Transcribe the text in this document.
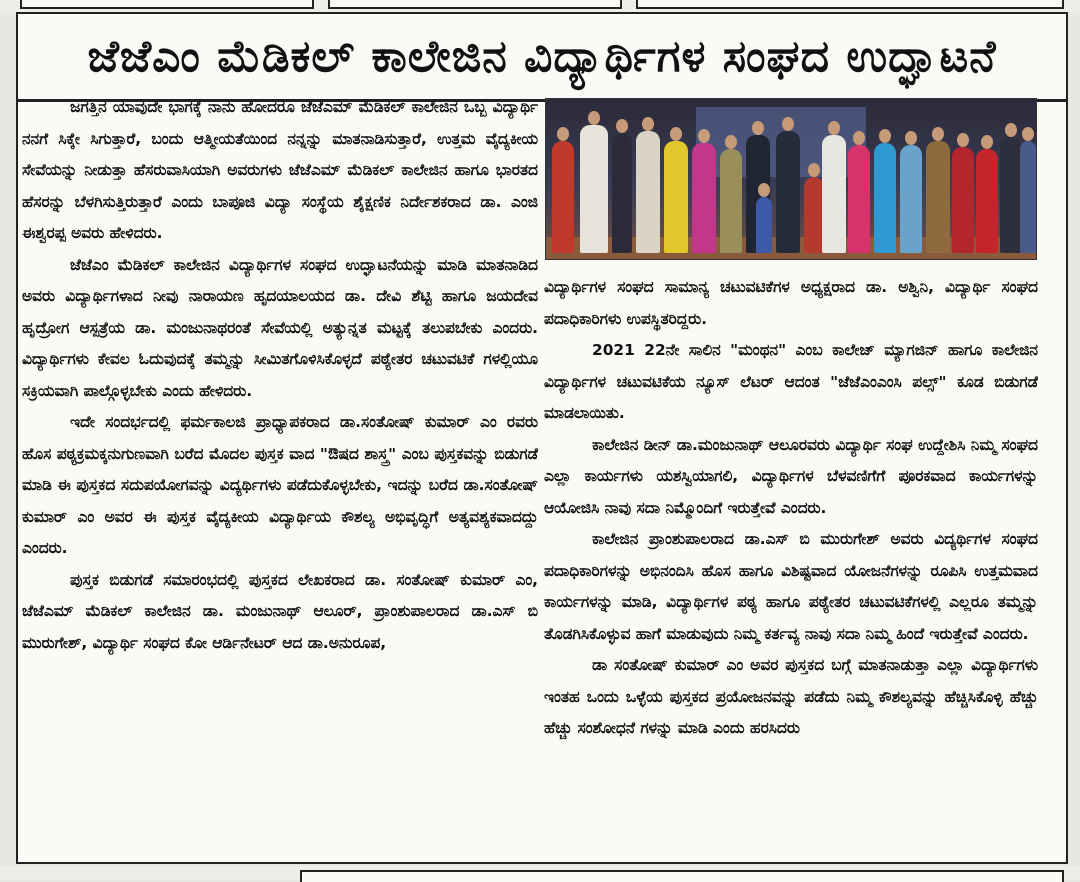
ಜೆಜೆಎಂ ಮೆಡಿಕಲ್ ಕಾಲೇಜಿನ ವಿದ್ಯಾರ್ಥಿಗಳ ಸಂಘದ ಉದ್ಘಾಟನೆ

ಜಗತ್ತಿನ ಯಾವುದೇ ಭಾಗಕ್ಕೆ ನಾನು ಹೋದರೂ ಜೆಜೆಎಮ್ ಮೆಡಿಕಲ್ ಕಾಲೇಜಿನ ಒಬ್ಬ ವಿದ್ಯಾರ್ಥಿ ನನಗೆ ಸಿಕ್ಕೇ ಸಿಗುತ್ತಾರೆ, ಬಂದು ಆತ್ಮೀಯತೆಯಿಂದ ನನ್ನನ್ನು ಮಾತನಾಡಿಸುತ್ತಾರೆ, ಉತ್ತಮ ವೈದ್ಯಕೀಯ ಸೇವೆಯನ್ನು ನೀಡುತ್ತಾ ಹೆಸರುವಾಸಿಯಾಗಿ ಅವರುಗಳು ಜೆಜೆಎಮ್ ಮೆಡಿಕಲ್ ಕಾಲೇಜಿನ ಹಾಗೂ ಭಾರತದ ಹೆಸರನ್ನು ಬೆಳಗಿಸುತ್ತಿರುತ್ತಾರೆ ಎಂದು ಬಾಪೂಜಿ ವಿದ್ಯಾ ಸಂಸ್ಥೆಯ ಶೈಕ್ಷಣಿಕ ನಿರ್ದೇಶಕರಾದ ಡಾ. ಎಂಜಿ ಈಶ್ವರಪ್ಪ ಅವರು ಹೇಳಿದರು.

ಜೆಜೆಎಂ ಮೆಡಿಕಲ್ ಕಾಲೇಜಿನ ವಿದ್ಯಾರ್ಥಿಗಳ ಸಂಘದ ಉದ್ಘಾಟನೆಯನ್ನು ಮಾಡಿ ಮಾತನಾಡಿದ ಅವರು ವಿದ್ಯಾರ್ಥಿಗಳಾದ ನೀವು ನಾರಾಯಣ ಹೃದಯಾಲಯದ ಡಾ. ದೇವಿ ಶೆಟ್ಟಿ ಹಾಗೂ ಜಯದೇವ ಹೃದ್ರೋಗ ಆಸ್ಪತ್ರೆಯ ಡಾ. ಮಂಜುನಾಥರಂತೆ ಸೇವೆಯಲ್ಲಿ ಅತ್ಯುನ್ನತ ಮಟ್ಟಕ್ಕೆ ತಲುಪಬೇಕು ಎಂದರು. ವಿದ್ಯಾರ್ಥಿಗಳು ಕೇವಲ ಓದುವುದಕ್ಕೆ ತಮ್ಮನ್ನು ಸೀಮಿತಗೊಳಿಸಿಕೊಳ್ಳದೆ ಪಠ್ಯೇತರ ಚಟುವಟಿಕೆ ಗಳಲ್ಲಿಯೂ ಸಕ್ರಿಯವಾಗಿ ಪಾಲ್ಗೊಳ್ಳಬೇಕು ಎಂದು ಹೇಳಿದರು.

ಇದೇ ಸಂದರ್ಭದಲ್ಲಿ ಫರ್ಮಕಾಲಜಿ ಪ್ರಾಧ್ಯಾಪಕರಾದ ಡಾ.ಸಂತೋಷ್ ಕುಮಾರ್ ಎಂ ರವರು ಹೊಸ ಪಠ್ಯಕ್ರಮಕ್ಕನುಗುಣವಾಗಿ ಬರೆದ ಮೊದಲ ಪುಸ್ತಕ ವಾದ "ಔಷದ ಶಾಸ್ತ್ರ" ಎಂಬ ಪುಸ್ತಕವನ್ನು ಬಿಡುಗಡೆ ಮಾಡಿ ಈ ಪುಸ್ತಕದ ಸದುಪಯೋಗವನ್ನು ವಿದ್ಯರ್ಥಿಗಳು ಪಡೆದುಕೊಳ್ಳಬೇಕು, ಇದನ್ನು ಬರೆದ ಡಾ.ಸಂತೋಷ್ ಕುಮಾರ್ ಎಂ ಅವರ ಈ ಪುಸ್ತಕ ವೈದ್ಯಕೀಯ ವಿದ್ಯಾರ್ಥಿಯ ಕೌಶಲ್ಯ ಅಭಿವೃದ್ಧಿಗೆ ಅತ್ಯವಶ್ಯಕವಾದದ್ದು ಎಂದರು.

ಪುಸ್ತಕ ಬಿಡುಗಡೆ ಸಮಾರಂಭದಲ್ಲಿ ಪುಸ್ತಕದ ಲೇಖಕರಾದ ಡಾ. ಸಂತೋಷ್ ಕುಮಾರ್ ಎಂ, ಜೆಜೆಎಮ್ ಮೆಡಿಕಲ್ ಕಾಲೇಜಿನ ಡಾ. ಮಂಜುನಾಥ್ ಆಲೂರ್, ಪ್ರಾಂಶುಪಾಲರಾದ ಡಾ.ಎಸ್ ಬಿ ಮುರುಗೇಶ್, ವಿದ್ಯಾರ್ಥಿ ಸಂಘದ ಕೋ ಆರ್ಡಿನೇಟರ್ ಆದ ಡಾ.ಅನುರೂಪ,

ವಿದ್ಯಾರ್ಥಿಗಳ ಸಂಘದ ಸಾಮಾನ್ಯ ಚಟುವಟಿಕೆಗಳ ಅಧ್ಯಕ್ಷರಾದ ಡಾ. ಅಶ್ವಿನಿ, ವಿದ್ಯಾರ್ಥಿ ಸಂಘದ ಪದಾಧಿಕಾರಿಗಳು ಉಪಸ್ಥಿತರಿದ್ದರು.

2021 22ನೇ ಸಾಲಿನ "ಮಂಥನ" ಎಂಬ ಕಾಲೇಜ್ ಮ್ಯಾಗಜಿನ್ ಹಾಗೂ ಕಾಲೇಜಿನ ವಿದ್ಯಾರ್ಥಿಗಳ ಚಟುವಟಿಕೆಯ ನ್ಯೂಸ್ ಲೆಟರ್ ಆದಂತ "ಜೆಜೆಎಂಎಂಸಿ ಪಲ್ಸ್" ಕೂಡ ಬಿಡುಗಡೆ ಮಾಡಲಾಯಿತು.

ಕಾಲೇಜಿನ ಡೀನ್ ಡಾ.ಮಂಜುನಾಥ್ ಆಲೂರವರು ವಿದ್ಯಾರ್ಥಿ ಸಂಘ ಉದ್ದೇಶಿಸಿ ನಿಮ್ಮ ಸಂಘದ ಎಲ್ಲಾ ಕಾರ್ಯಗಳು ಯಶಸ್ವಿಯಾಗಲಿ, ವಿದ್ಯಾರ್ಥಿಗಳ ಬೆಳವಣಿಗೆಗೆ ಪೂರಕವಾದ ಕಾರ್ಯಗಳನ್ನು ಆಯೋಜಿಸಿ ನಾವು ಸದಾ ನಿಮ್ಮೊಂದಿಗೆ ಇರುತ್ತೇವೆ ಎಂದರು.

ಕಾಲೇಜಿನ ಪ್ರಾಂಶುಪಾಲರಾದ ಡಾ.ಎಸ್ ಬಿ ಮುರುಗೇಶ್ ಅವರು ವಿದ್ಯರ್ಥಿಗಳ ಸಂಘದ ಪದಾಧಿಕಾರಿಗಳನ್ನು ಅಭಿನಂದಿಸಿ ಹೊಸ ಹಾಗೂ ವಿಶಿಷ್ಟವಾದ ಯೋಜನೆಗಳನ್ನು ರೂಪಿಸಿ ಉತ್ತಮವಾದ ಕಾರ್ಯಗಳನ್ನು ಮಾಡಿ, ವಿದ್ಯಾರ್ಥಿಗಳ ಪಠ್ಯ ಹಾಗೂ ಪಠ್ಯೇತರ ಚಟುವಟಿಕೆಗಳಲ್ಲಿ ಎಲ್ಲರೂ ತಮ್ಮನ್ನು ತೊಡಗಿಸಿಕೊಳ್ಳುವ ಹಾಗೆ ಮಾಡುವುದು ನಿಮ್ಮ ಕರ್ತವ್ಯ ನಾವು ಸದಾ ನಿಮ್ಮ ಹಿಂದೆ ಇರುತ್ತೇವೆ ಎಂದರು.

ಡಾ ಸಂತೋಷ್ ಕುಮಾರ್ ಎಂ ಅವರ ಪುಸ್ತಕದ ಬಗ್ಗೆ ಮಾತನಾಡುತ್ತಾ ಎಲ್ಲಾ ವಿದ್ಯಾರ್ಥಿಗಳು ಇಂತಹ ಒಂದು ಒಳ್ಳೆಯ ಪುಸ್ತಕದ ಪ್ರಯೋಜನವನ್ನು ಪಡೆದು ನಿಮ್ಮ ಕೌಶಲ್ಯವನ್ನು ಹೆಚ್ಚಿಸಿಕೊಳ್ಳಿ ಹೆಚ್ಚು ಹೆಚ್ಚು ಸಂಶೋಧನೆ ಗಳನ್ನು ಮಾಡಿ ಎಂದು ಹರಸಿದರು
